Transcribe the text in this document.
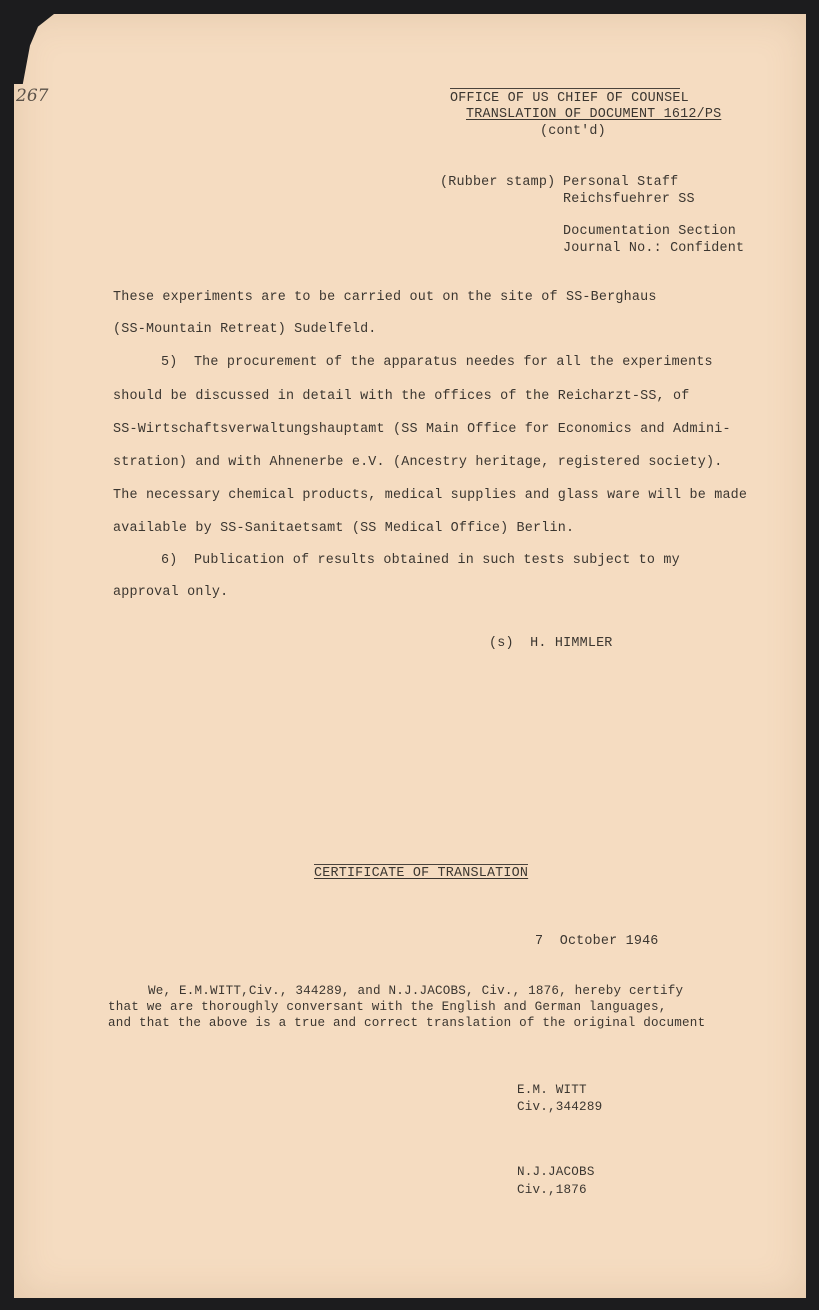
267	OFFICE OF US CHIEF OF COUNSEL
TRANSLATION OF DOCUMENT 1612/PS
(cont'd)
(Rubber stamp) Personal Staff
Reichsfuehrer SS
Documentation Section
Journal No.: Confident
These experiments are to be carried out on the site of SS-Berghaus
(SS-Mountain Retreat) Sudelfeld.
5)  The procurement of the apparatus needes for all the experiments
should be discussed in detail with the offices of the Reicharzt-SS, of
SS-Wirtschaftsverwaltungshauptamt (SS Main Office for Economics and Admini-
stration) and with Ahnenerbe e.V. (Ancestry heritage, registered society).
The necessary chemical products, medical supplies and glass ware will be made
available by SS-Sanitaetsamt (SS Medical Office) Berlin.
6)  Publication of results obtained in such tests subject to my
approval only.
(s)  H. HIMMLER
CERTIFICATE OF TRANSLATION
7  October 1946
We, E.M.WITT,Civ., 344289, and N.J.JACOBS, Civ., 1876, hereby certify
that we are thoroughly conversant with the English and German languages,
and that the above is a true and correct translation of the original document
E.M. WITT
Civ.,344289
N.J.JACOBS
Civ.,1876
